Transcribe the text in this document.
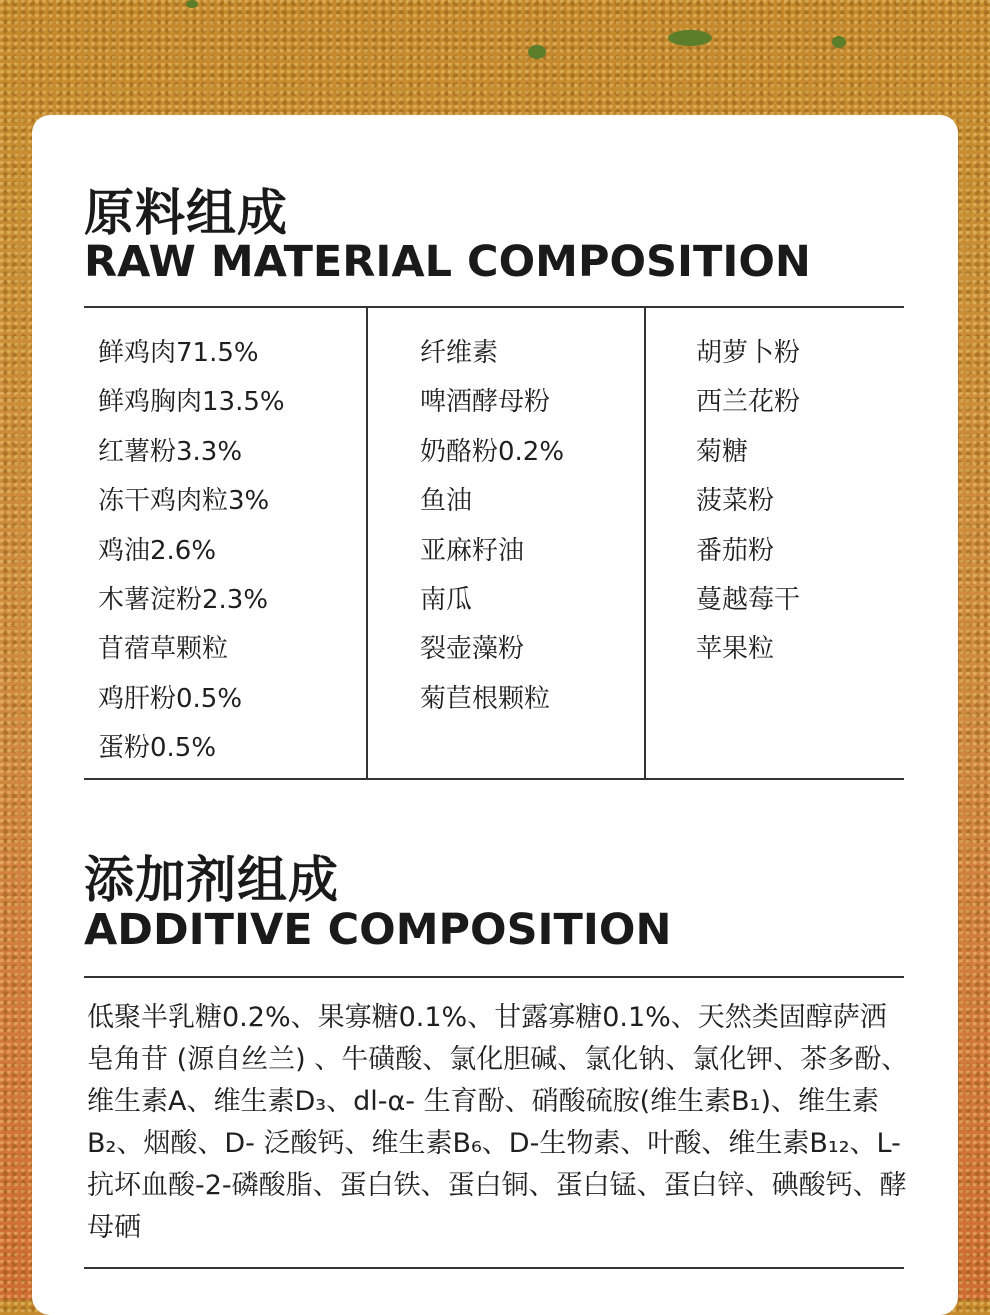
原料组成
RAW MATERIAL COMPOSITION
鲜鸡肉71.5%
鲜鸡胸肉13.5%
红薯粉3.3%
冻干鸡肉粒3%
鸡油2.6%
木薯淀粉2.3%
苜蓿草颗粒
鸡肝粉0.5%
蛋粉0.5%
纤维素
啤酒酵母粉
奶酪粉0.2%
鱼油
亚麻籽油
南瓜
裂壶藻粉
菊苣根颗粒
胡萝卜粉
西兰花粉
菊糖
菠菜粉
番茄粉
蔓越莓干
苹果粒
添加剂组成
ADDITIVE COMPOSITION

低聚半乳糖0.2%、果寡糖0.1%、甘露寡糖0.1%、天然类固醇萨洒皂角苷 (源自丝兰) 、牛磺酸、氯化胆碱、氯化钠、氯化钾、茶多酚、维生素A、维生素D₃、dl-α- 生育酚、硝酸硫胺(维生素B₁)、维生素B₂、烟酸、D- 泛酸钙、维生素B₆、D-生物素、叶酸、维生素B₁₂、L-抗坏血酸-2-磷酸脂、蛋白铁、蛋白铜、蛋白锰、蛋白锌、碘酸钙、酵母硒
